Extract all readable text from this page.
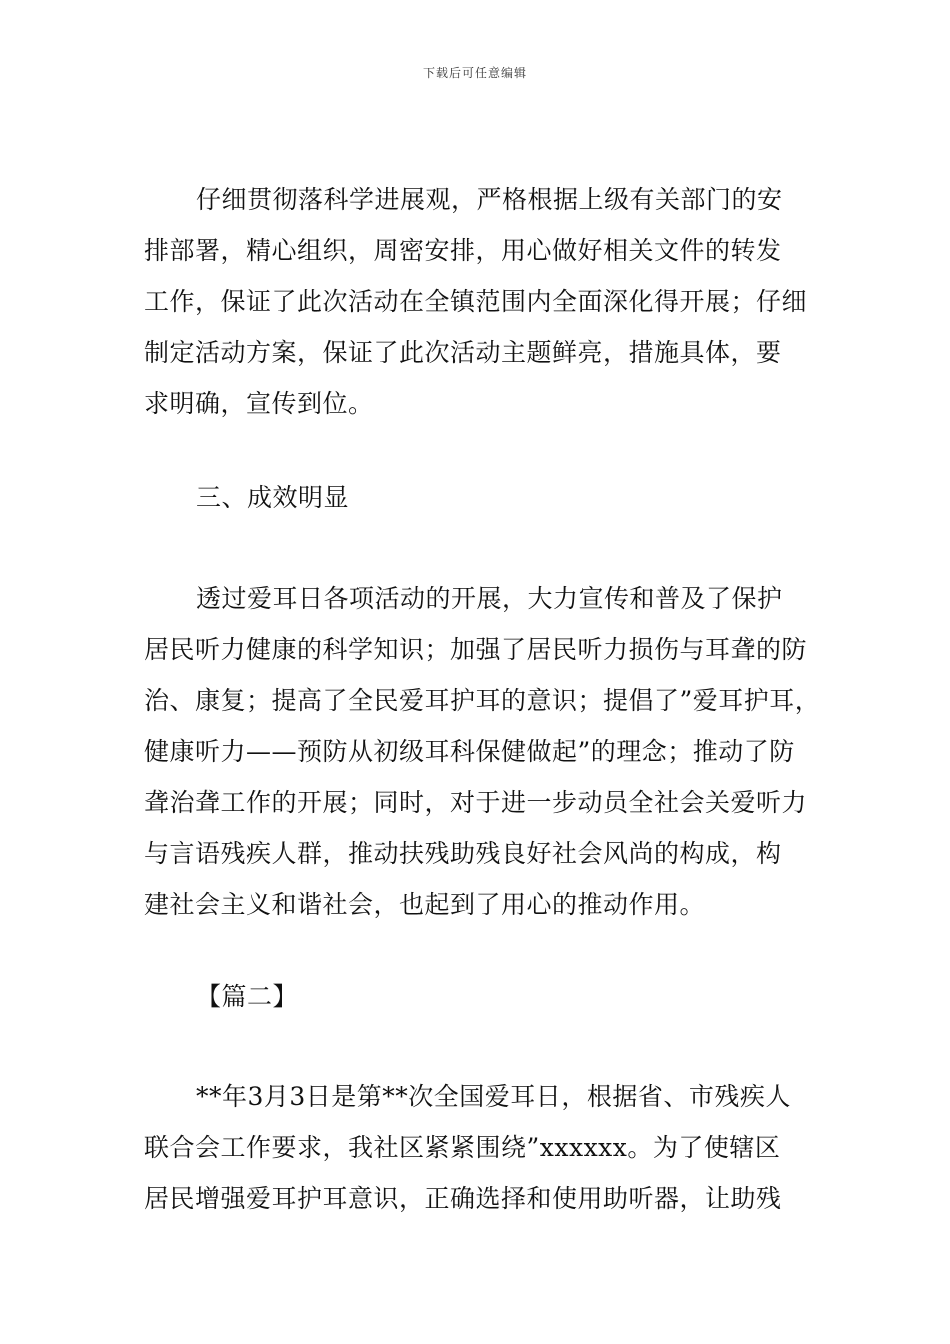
下载后可任意编辑
仔细贯彻落科学进展观，严格根据上级有关部门的安
排部署，精心组织，周密安排，用心做好相关文件的转发
工作，保证了此次活动在全镇范围内全面深化得开展；仔细
制定活动方案，保证了此次活动主题鲜亮，措施具体，要
求明确，宣传到位。
三、成效明显
透过爱耳日各项活动的开展，大力宣传和普及了保护
居民听力健康的科学知识；加强了居民听力损伤与耳聋的防
治、康复；提高了全民爱耳护耳的意识；提倡了”爱耳护耳，
健康听力——预防从初级耳科保健做起”的理念；推动了防
聋治聋工作的开展；同时，对于进一步动员全社会关爱听力
与言语残疾人群，推动扶残助残良好社会风尚的构成，构
建社会主义和谐社会，也起到了用心的推动作用。
【篇二】
**年3月3日是第**次全国爱耳日，根据省、市残疾人
联合会工作要求，我社区紧紧围绕”xxxxxx。为了使辖区
居民增强爱耳护耳意识，正确选择和使用助听器，让助残
